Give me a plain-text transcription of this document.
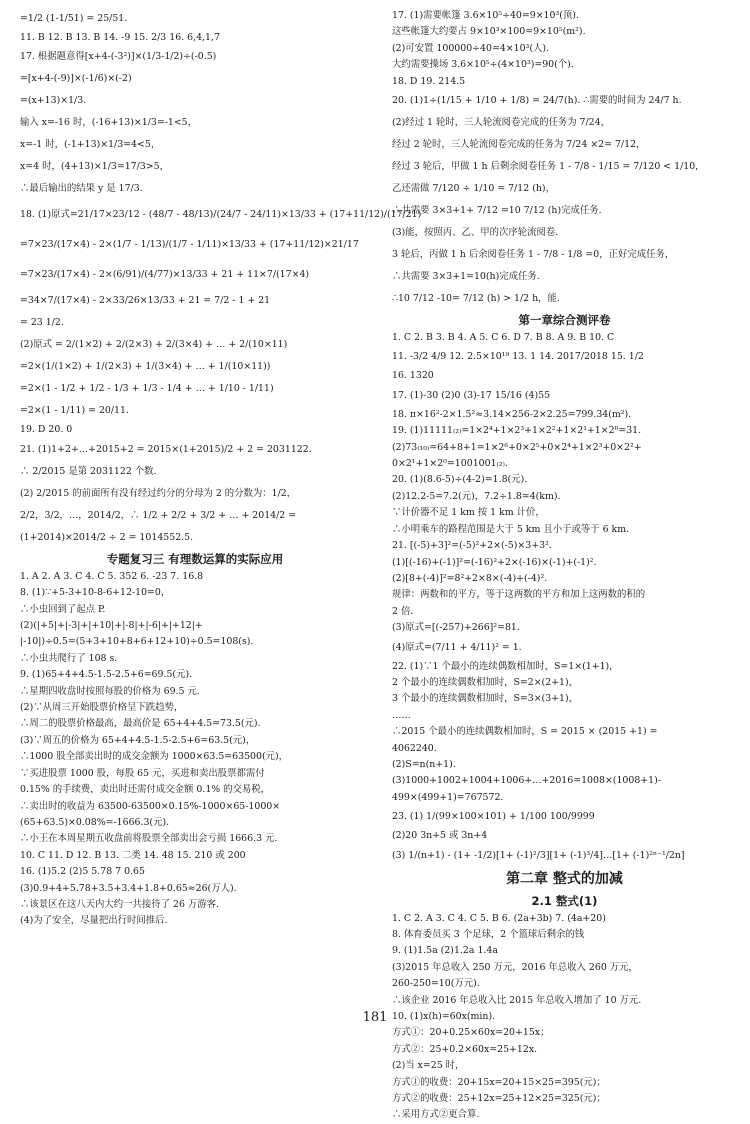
=1/2 (1-1/51) = 25/51.
11. B 12. B 13. B 14. -9 15. 2/3 16. 6,4,1,7
17. 根据题意得[x+4-(-3²)]×(1/3-1/2)÷(-0.5)
=[x+4-(-9)]×(-1/6)×(-2)
=(x+13)×1/3.
输入 x=-16 时，(-16+13)×1/3=-1<5，
x=-1 时，(-1+13)×1/3=4<5，
x=4 时，(4+13)×1/3=17/3>5，
∴最后输出的结果 y 是 17/3.
18. (1)原式=21/17×23/12 - (48/7 - 48/13)/(24/7 - 24/11)×13/33 + (17+11/12)/(17/21)
=7×23/(17×4) - 2×(1/7 - 1/13)/(1/7 - 1/11)×13/33 + (17+11/12)×21/17
=7×23/(17×4) - 2×(6/91)/(4/77)×13/33 + 21 + 11×7/(17×4)
=34×7/(17×4) - 2×33/26×13/33 + 21 = 7/2 - 1 + 21
= 23 1/2.
(2)原式 = 2/(1×2) + 2/(2×3) + 2/(3×4) + … + 2/(10×11)
=2×(1/(1×2) + 1/(2×3) + 1/(3×4) + … + 1/(10×11))
=2×(1 - 1/2 + 1/2 - 1/3 + 1/3 - 1/4 + … + 1/10 - 1/11)
=2×(1 - 1/11) = 20/11.
19. D 20. 0
21. (1)1+2+…+2015+2 = 2015×(1+2015)/2 + 2 = 2031122.
∴ 2/2015 是第 2031122 个数.
(2) 2/2015 的前面所有没有经过约分的分母为 2 的分数为：1/2，
2/2，3/2，…，2014/2，∴ 1/2 + 2/2 + 3/2 + … + 2014/2 =
(1+2014)×2014/2 ÷ 2 = 1014552.5.
专题复习三 有理数运算的实际应用
1. A 2. A 3. C 4. C 5. 352 6. -23 7. 16.8
8. (1)∵+5-3+10-8-6+12-10=0，
∴小虫回到了起点 P.
(2)(|+5|+|-3|+|+10|+|-8|+|-6|+|+12|+
|-10|)÷0.5=(5+3+10+8+6+12+10)÷0.5=108(s).
∴小虫共爬行了 108 s.
9. (1)65+4+4.5-1.5-2.5+6=69.5(元).
∴星期四收盘时按照每股的价格为 69.5 元.
(2)∵从周三开始股票价格呈下跌趋势，
∴周二的股票价格最高，最高价是 65+4+4.5=73.5(元).
(3)∵周五的价格为 65+4+4.5-1.5-2.5+6=63.5(元)，
∴1000 股全部卖出时的成交金额为 1000×63.5=63500(元)，
∵买进股票 1000 股，每股 65 元，买进和卖出股票都需付
0.15% 的手续费，卖出时还需付成交金额 0.1% 的交易税，
∴卖出时的收益为 63500-63500×0.15%-1000×65-1000×
(65+63.5)×0.08%=-1666.3(元).
∴小王在本周星期五收盘前将股票全部卖出会亏损 1666.3 元.
10. C 11. D 12. B 13. 二类 14. 48 15. 210 或 200
16. (1)5.2 (2)5 5.78 7 0.65
(3)0.9+4+5.78+3.5+3.4+1.8+0.65≈26(万人).
∴该景区在这八天内大约一共接待了 26 万游客.
(4)为了安全，尽量把出行时间推后.
17. (1)需要帐篷 3.6×10⁵÷40=9×10³(顶).
这些帐篷大约要占 9×10³×100=9×10⁵(m²).
(2)可安置 100000÷40=4×10³(人).
大约需要操场 3.6×10⁵÷(4×10³)=90(个).
18. D 19. 214.5
20. (1)1÷(1/15 + 1/10 + 1/8) = 24/7(h). ∴需要的时间为 24/7 h.
(2)经过 1 轮时，三人轮流阅卷完成的任务为 7/24，
经过 2 轮时，三人轮流阅卷完成的任务为 7/24 ×2= 7/12，
经过 3 轮后，甲做 1 h 后剩余阅卷任务 1 - 7/8 - 1/15 = 7/120 < 1/10，
乙还需做 7/120 ÷ 1/10 = 7/12 (h)，
∴共需要 3×3+1+ 7/12 =10 7/12 (h)完成任务.
(3)能，按照丙、乙、甲的次序轮流阅卷.
3 轮后，丙做 1 h 后余阅卷任务 1 - 7/8 - 1/8 =0，正好完成任务，
∴共需要 3×3+1=10(h)完成任务.
∴10 7/12 -10= 7/12 (h) > 1/2 h，能.
第一章综合测评卷
1. C 2. B 3. B 4. A 5. C 6. D 7. B 8. A 9. B 10. C
11. -3/2 4/9 12. 2.5×10¹⁹ 13. 1 14. 2017/2018 15. 1/2
16. 1320
17. (1)-30 (2)0 (3)-17 15/16 (4)55
18. π×16²-2×1.5²≈3.14×256-2×2.25=799.34(m²).
19. (1)11111₍₂₎=1×2⁴+1×2³+1×2²+1×2¹+1×2⁰=31.
(2)73₍₁₀₎=64+8+1=1×2⁶+0×2⁵+0×2⁴+1×2³+0×2²+
0×2¹+1×2⁰=1001001₍₂₎.
20. (1)(8.6-5)÷(4-2)=1.8(元).
(2)12.2-5=7.2(元)，7.2÷1.8=4(km).
∵计价器不足 1 km 按 1 km 计价，
∴小明乘车的路程范围是大于 5 km 且小于或等于 6 km.
21. [(-5)+3]²=(-5)²+2×(-5)×3+3².
(1)[(-16)+(-1)]²=(-16)²+2×(-16)×(-1)+(-1)².
(2)[8+(-4)]²=8²+2×8×(-4)+(-4)².
规律：两数和的平方，等于这两数的平方和加上这两数的积的
2 倍.
(3)原式=[(-257)+266]²=81.
(4)原式=(7/11 + 4/11)² = 1.
22. (1)∵1 个最小的连续偶数相加时，S=1×(1+1)，
2 个最小的连续偶数相加时，S=2×(2+1)，
3 个最小的连续偶数相加时，S=3×(3+1)，
……
∴2015 个最小的连续偶数相加时，S = 2015 × (2015 +1) =
4062240.
(2)S=n(n+1).
(3)1000+1002+1004+1006+…+2016=1008×(1008+1)-
499×(499+1)=767572.
23. (1) 1/(99×100×101) + 1/100 100/9999
(2)20 3n+5 或 3n+4
(3) 1/(n+1) - (1+ -1/2)[1+ (-1)²/3][1+ (-1)³/4]…[1+ (-1)²ⁿ⁻¹/2n]
第二章 整式的加减
2.1 整式(1)
1. C 2. A 3. C 4. C 5. B 6. (2a+3b) 7. (4a+20)
8. 体育委员买 3 个足球，2 个篮球后剩余的钱
9. (1)1.5a (2)1.2a 1.4a
(3)2015 年总收入 250 万元，2016 年总收入 260 万元，
260-250=10(万元).
∴该企业 2016 年总收入比 2015 年总收入增加了 10 万元.
10. (1)x(h)=60x(min).
方式①：20+0.25×60x=20+15x；
方式②：25+0.2×60x=25+12x.
(2)当 x=25 时，
方式①的收费：20+15x=20+15×25=395(元)；
方式②的收费：25+12x=25+12×25=325(元)；
∴采用方式②更合算.
181
